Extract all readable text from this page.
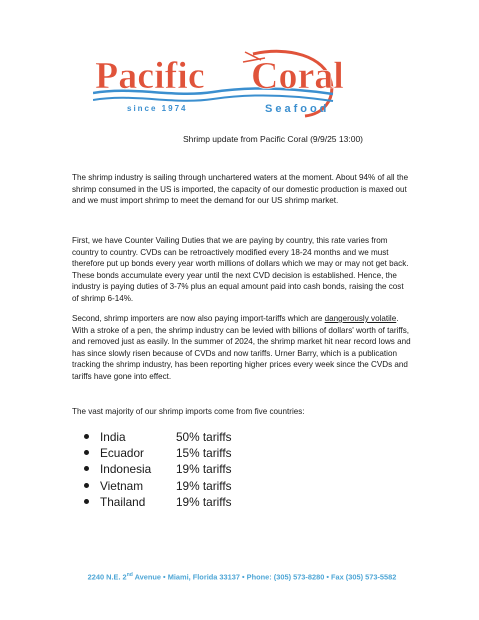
Pacific Coral
since 1974	Seafood
Shrimp update from Pacific Coral (9/9/25 13:00)
The shrimp industry is sailing through unchartered waters at the moment. About 94% of all the shrimp consumed in the US is imported, the capacity of our domestic production is maxed out and we must import shrimp to meet the demand for our US shrimp market.
First, we have Counter Vailing Duties that we are paying by country, this rate varies from country to country. CVDs can be retroactively modified every 18-24 months and we must therefore put up bonds every year worth millions of dollars which we may or may not get back. These bonds accumulate every year until the next CVD decision is established. Hence, the industry is paying duties of 3-7% plus an equal amount paid into cash bonds, raising the cost of shrimp 6-14%.
Second, shrimp importers are now also paying import-tariffs which are dangerously volatile. With a stroke of a pen, the shrimp industry can be levied with billions of dollars' worth of tariffs, and removed just as easily. In the summer of 2024, the shrimp market hit near record lows and has since slowly risen because of CVDs and now tariffs. Urner Barry, which is a publication tracking the shrimp industry, has been reporting higher prices every week since the CVDs and tariffs have gone into effect.
The vast majority of our shrimp imports come from five countries:
India	50% tariffs
Ecuador	15% tariffs
Indonesia 19% tariffs
Vietnam	19% tariffs
Thailand	19% tariffs
2240 N.E. 2nd Avenue • Miami, Florida 33137 • Phone: (305) 573-8280 • Fax (305) 573-5582
